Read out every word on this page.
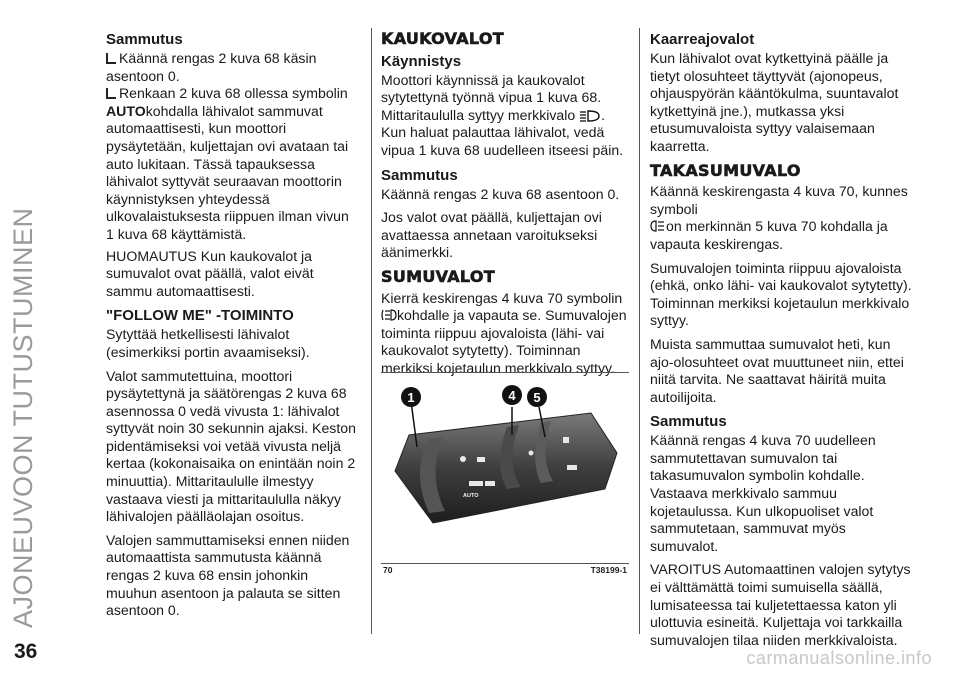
AJONEUVOON TUTUSTUMINEN
Sammutus
Käännä rengas 2 kuva 68 käsin
asentoon 0.
Renkaan 2 kuva 68 ollessa symbolin
AUTOkohdalla lähivalot sammuvat
automaattisesti, kun moottori
pysäytetään, kuljettajan ovi avataan tai
auto lukitaan. Tässä tapauksessa
lähivalot syttyvät seuraavan moottorin
käynnistyksen yhteydessä
ulkovalaistuksesta riippuen ilman vivun
1 kuva 68 käyttämistä.

HUOMAUTUS Kun kaukovalot ja sumuvalot ovat päällä, valot eivät sammu automaattisesti.

"FOLLOW ME" -TOIMINTO

Sytyttää hetkellisesti lähivalot (esimerkiksi portin avaamiseksi).

Valot sammutettuina, moottori pysäytettynä ja säätörengas 2 kuva 68 asennossa 0 vedä vivusta 1: lähivalot syttyvät noin 30 sekunnin ajaksi. Keston pidentämiseksi voi vetää vivusta neljä kertaa (kokonaisaika on enintään noin 2 minuuttia). Mittaritaululle ilmestyy vastaava viesti ja mittaritaululla näkyy lähivalojen päälläolajan osoitus.

Valojen sammuttamiseksi ennen niiden automaattista sammutusta käännä rengas 2 kuva 68 ensin johonkin muuhun asentoon ja palauta se sitten asentoon 0.

KAUKOVALOT
Käynnistys

Moottori käynnissä ja kaukovalot sytytettynä työnnä vipua 1 kuva 68. Mittaritaululla syttyy merkkivalo . Kun haluat palauttaa lähivalot, vedä vipua 1 kuva 68 uudelleen itseesi päin.

Sammutus

Käännä rengas 2 kuva 68 asentoon 0.

Jos valot ovat päällä, kuljettajan ovi avattaessa annetaan varoitukseksi äänimerkki.

SUMUVALOT

Kierrä keskirengas 4 kuva 70 symbolin
kohdalle ja vapauta se. Sumuvalojen toiminta riippuu ajovaloista (lähi- vai kaukovalot sytytetty). Toiminnan merkiksi kojetaulun merkkivalo syttyy.

AUTO
1	4 5
70	T38199-1
Kaarreajovalot

Kun lähivalot ovat kytkettyinä päälle ja tietyt olosuhteet täyttyvät (ajonopeus, ohjauspyörän kääntökulma, suuntavalot kytkettyinä jne.), mutkassa yksi etusumuvaloista syttyy valaisemaan kaarretta.

TAKASUMUVALO

Käännä keskirengasta 4 kuva 70, kunnes symboli
on merkinnän 5 kuva 70 kohdalla ja vapauta keskirengas.

Sumuvalojen toiminta riippuu ajovaloista (ehkä, onko lähi- vai kaukovalot sytytetty). Toiminnan merkiksi kojetaulun merkkivalo syttyy.

Muista sammuttaa sumuvalot heti, kun ajo-olosuhteet ovat muuttuneet niin, ettei niitä tarvita. Ne saattavat häiritä muita autoilijoita.

Sammutus

Käännä rengas 4 kuva 70 uudelleen sammutettavan sumuvalon tai takasumuvalon symbolin kohdalle. Vastaava merkkivalo sammuu kojetaulussa. Kun ulkopuoliset valot sammutetaan, sammuvat myös sumuvalot.

VAROITUS Automaattinen valojen sytytys ei välttämättä toimi sumuisella säällä, lumisateessa tai kuljetettaessa katon yli ulottuvia esineitä. Kuljettaja voi tarkkailla sumuvalojen tilaa niiden merkkivaloista.

36	carmanualsonline.info
